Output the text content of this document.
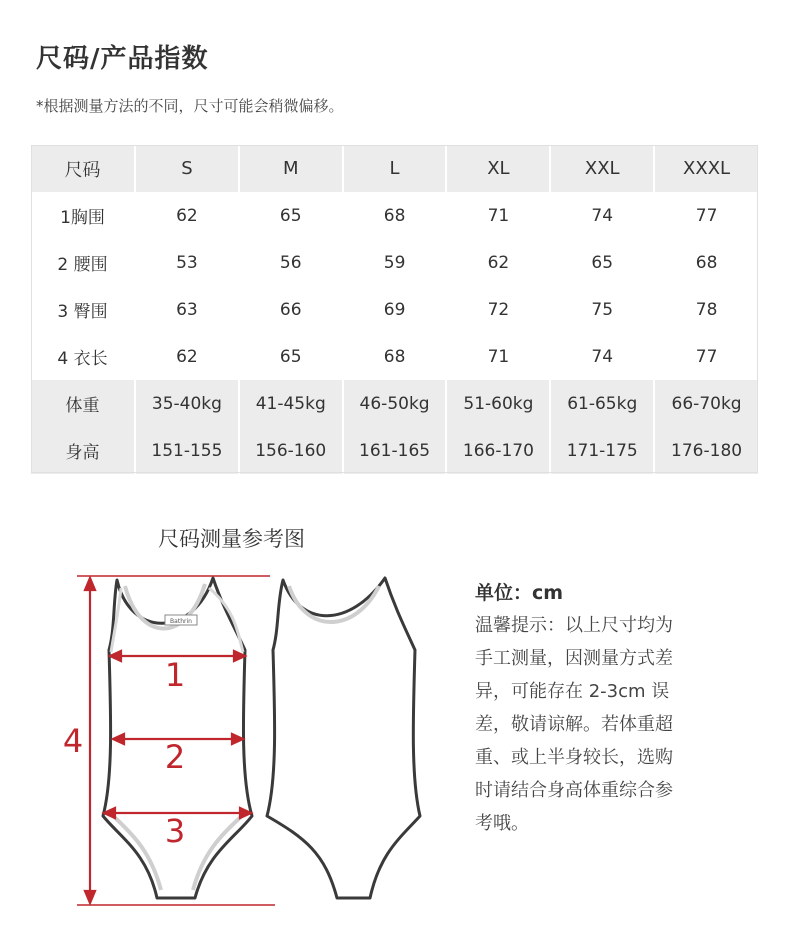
尺码/产品指数
*根据测量方法的不同，尺寸可能会稍微偏移。
尺码	S	M	L	XL	XXL	XXXL
1胸围	62	65	68	71	74	77
2 腰围	53	56	59	62	65	68
3 臀围	63	66	69	72	75	78
4 衣长	62	65	68	71	74	77
体重	35-40kg	41-45kg	46-50kg	51-60kg	61-65kg	66-70kg
身高	151-155	156-160	161-165	166-170	171-175	176-180
尺码测量参考图
Bathrin
1
2
3
4
单位：cm
温馨提示：以上尺寸均为
手工测量，因测量方式差
异，可能存在 2-3cm 误
差，敬请谅解。若体重超
重、或上半身较长，选购
时请结合身高体重综合参
考哦。
